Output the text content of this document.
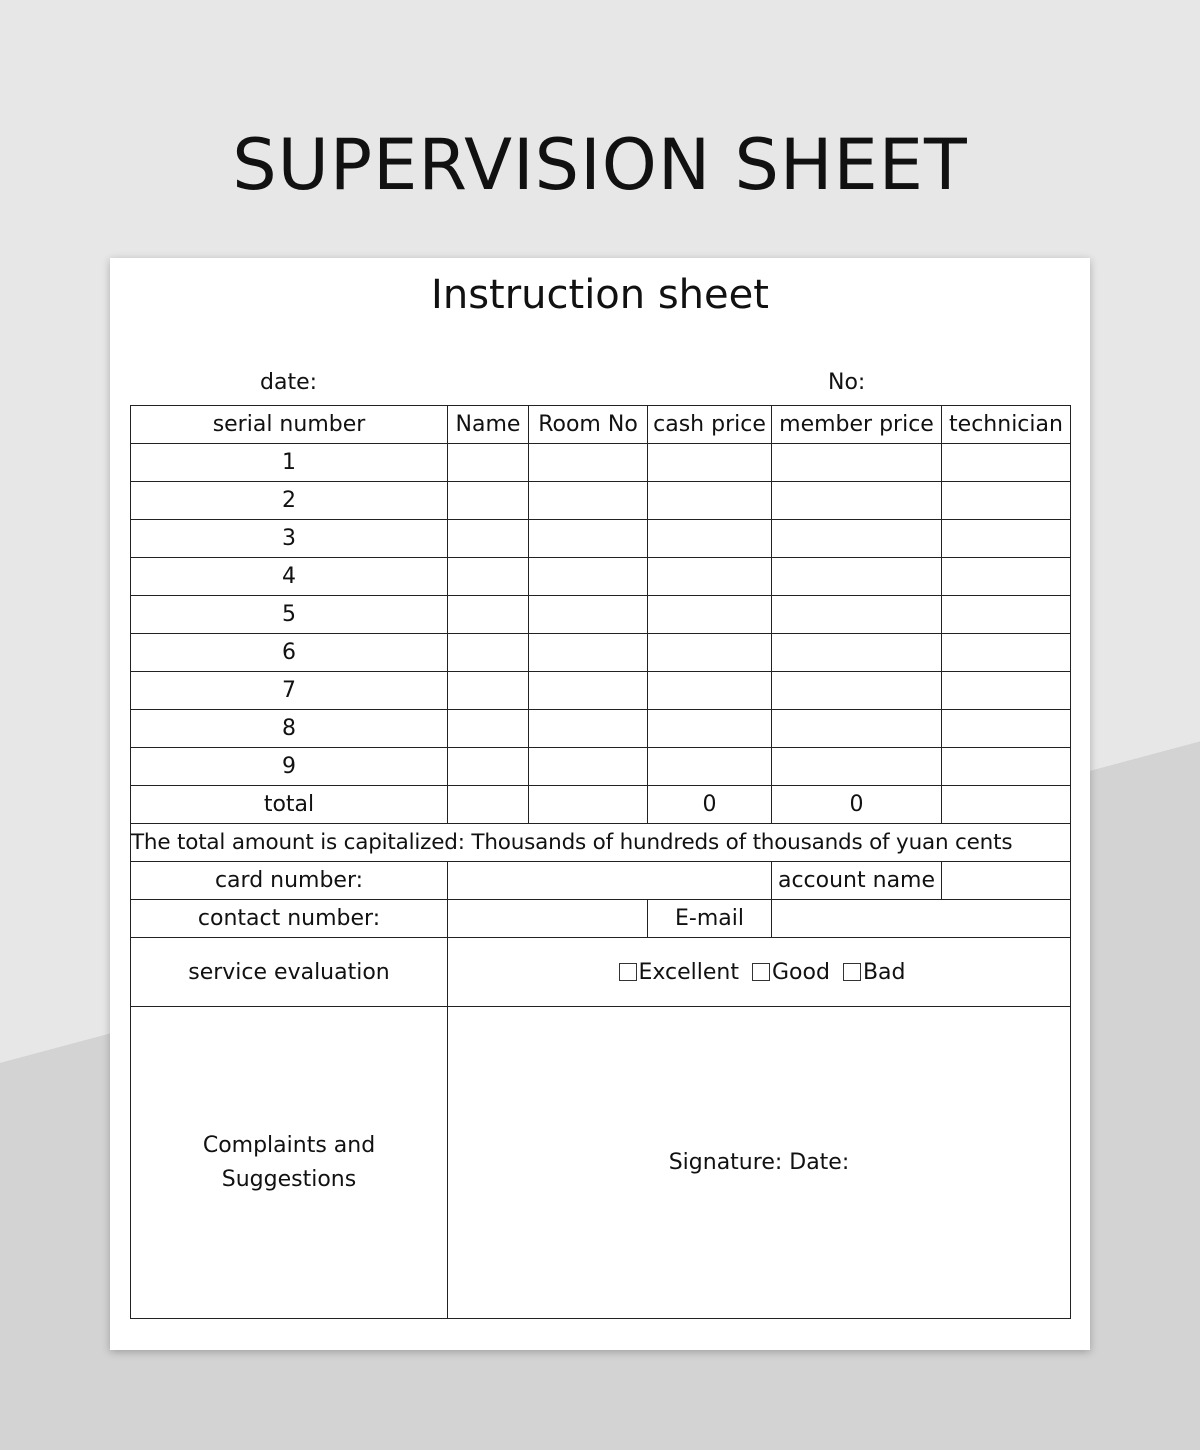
SUPERVISION SHEET
Instruction sheet
date:	No:
serial number	Name	Room No	cash price	member price	technician
1					
2					
3					
4					
5					
6					
7					
8					
9					
total			0	0	
The total amount is capitalized: Thousands of hundreds of thousands of yuan cents					
card number:				account name	
contact number:			E-mail		
service evaluation	Excellent Good Bad				
Complaints and Suggestions	Signature: Date:				
